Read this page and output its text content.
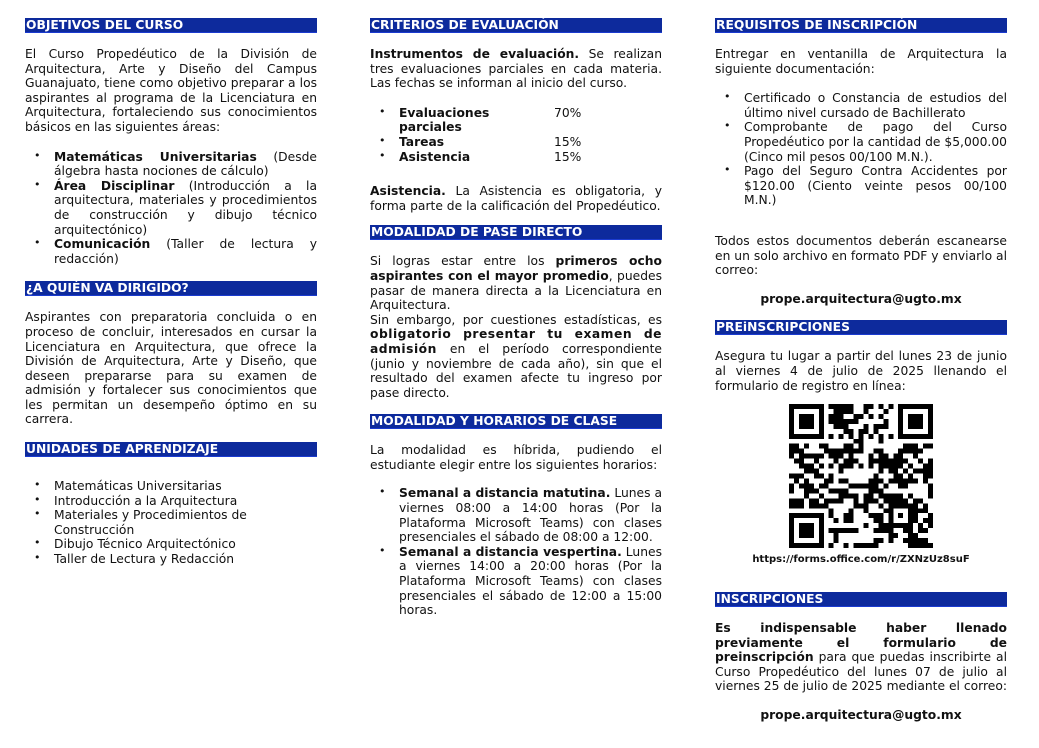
OBJETIVOS DEL CURSO

El Curso Propedéutico de la División de Arquitectura, Arte y Diseño del Campus Guanajuato, tiene como objetivo preparar a los aspirantes al programa de la Licenciatura en Arquitectura, fortaleciendo sus conocimientos básicos en las siguientes áreas:

• Matemáticas Universitarias (Desde álgebra hasta nociones de cálculo)
• Área Disciplinar (Introducción a la arquitectura, materiales y procedimientos de construcción y dibujo técnico arquitectónico)
• Comunicación (Taller de lectura y redacción)
¿A QUIÉN VA DIRIGIDO?

Aspirantes con preparatoria concluida o en proceso de concluir, interesados en cursar la Licenciatura en Arquitectura, que ofrece la División de Arquitectura, Arte y Diseño, que deseen prepararse para su examen de admisión y fortalecer sus conocimientos que les permitan un desempeño óptimo en su carrera.

UNIDADES DE APRENDIZAJE
• Matemáticas Universitarias
• Introducción a la Arquitectura
• Materiales y Procedimientos de Construcción
• Dibujo Técnico Arquitectónico
• Taller de Lectura y Redacción
CRITERIOS DE EVALUACIÓN

Instrumentos de evaluación. Se realizan tres evaluaciones parciales en cada materia. Las fechas se informan al inicio del curso.

• Evaluaciones parciales	70%
• Tareas	15%
• Asistencia	15%

Asistencia. La Asistencia es obligatoria, y forma parte de la calificación del Propedéutico.

MODALIDAD DE PASE DIRECTO

Si logras estar entre los primeros ocho aspirantes con el mayor promedio, puedes pasar de manera directa a la Licenciatura en Arquitectura.

Sin embargo, por cuestiones estadísticas, es obligatorio presentar tu examen de admisión en el período correspondiente (junio y noviembre de cada año), sin que el resultado del examen afecte tu ingreso por pase directo.

MODALIDAD Y HORARIOS DE CLASE

La modalidad es híbrida, pudiendo el estudiante elegir entre los siguientes horarios:

• Semanal a distancia matutina. Lunes a viernes 08:00 a 14:00 horas (Por la Plataforma Microsoft Teams) con clases presenciales el sábado de 08:00 a 12:00.
• Semanal a distancia vespertina. Lunes a viernes 14:00 a 20:00 horas (Por la Plataforma Microsoft Teams) con clases presenciales el sábado de 12:00 a 15:00 horas.
REQUISITOS DE INSCRIPCIÓN

Entregar en ventanilla de Arquitectura la siguiente documentación:

• Certificado o Constancia de estudios del último nivel cursado de Bachillerato
• Comprobante de pago del Curso Propedéutico por la cantidad de $5,000.00 (Cinco mil pesos 00/100 M.N.).
• Pago del Seguro Contra Accidentes por $120.00 (Ciento veinte pesos 00/100 M.N.)

Todos estos documentos deberán escanearse en un solo archivo en formato PDF y enviarlo al correo:

prope.arquitectura@ugto.mx

PREiNSCRIPCIONES

Asegura tu lugar a partir del lunes 23 de junio al viernes 4 de julio de 2025 llenando el formulario de registro en línea:

https://forms.office.com/r/ZXNzUz8suF

INSCRIPCIONES

Es indispensable haber llenado previamente el formulario de preinscripción para que puedas inscribirte al Curso Propedéutico del lunes 07 de julio al viernes 25 de julio de 2025 mediante el correo:

prope.arquitectura@ugto.mx
